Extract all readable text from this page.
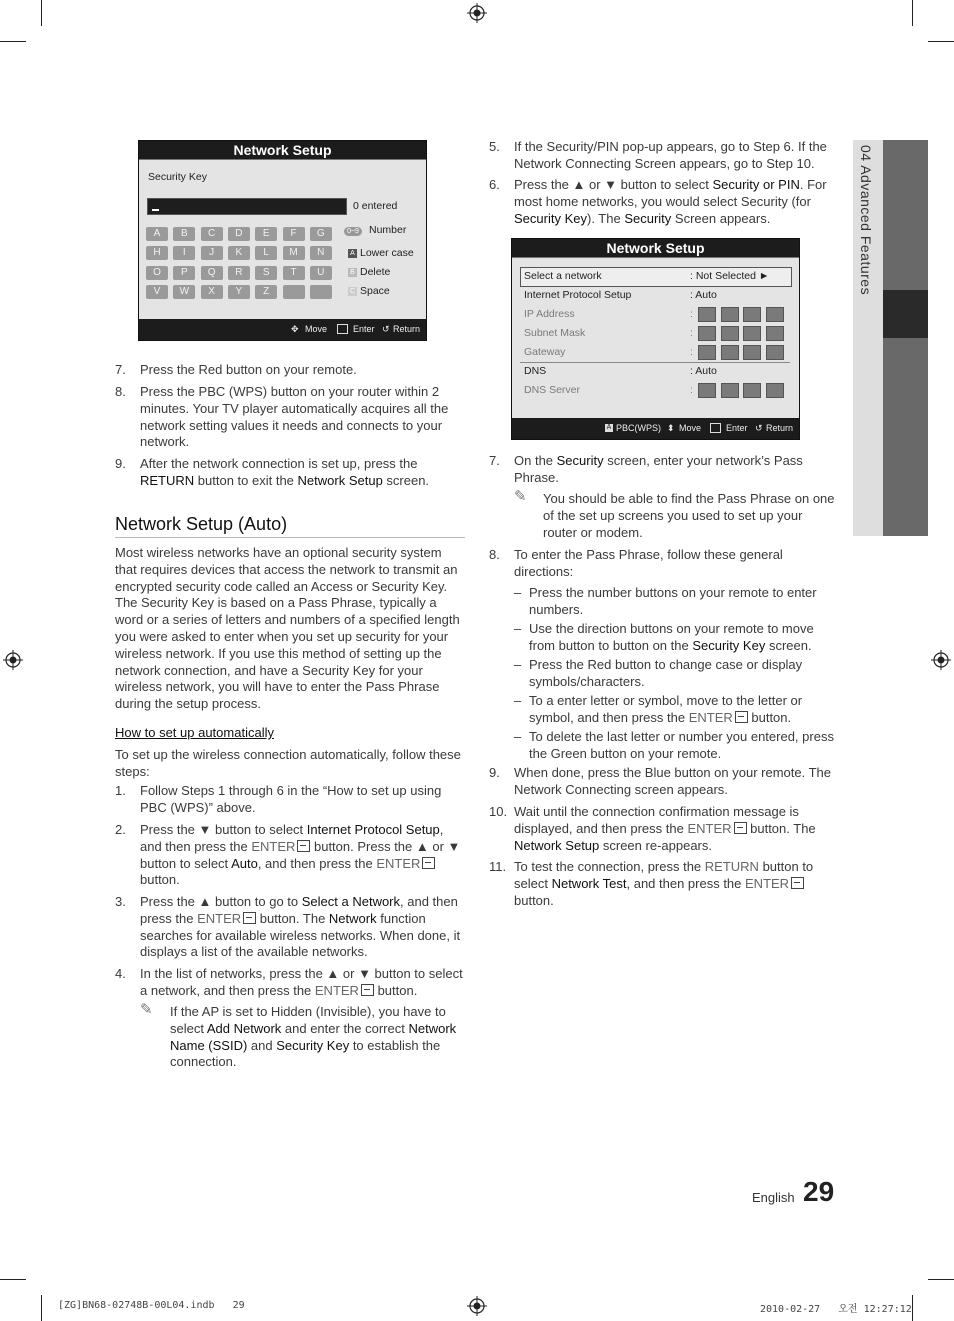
Network Setup
Security Key
0 entered
A	B	C	D	E	F	G
H	I	J	K	L	M	N
O	P	Q	R	S	T	U
V	W	X	Y	Z
0~9 Number
A Lower case
B Delete
C Space
✥ Move	Enter ↺ Return
Network Setup
Select a network	: Not Selected ►
Internet Protocol Setup	: Auto
IP Address	:
Subnet Mask	:
Gateway	:
DNS	: Auto
DNS Server	:
A PBC(WPS) ⬍ Move	Enter ↺ Return
7. Press the Red button on your remote.
8. Press the PBC (WPS) button on your router within 2 minutes. Your TV player automatically acquires all the network setting values it needs and connects to your network.
9. After the network connection is set up, press the RETURN button to exit the Network Setup screen.
Network Setup (Auto)
Most wireless networks have an optional security system that requires devices that access the network to transmit an encrypted security code called an Access or Security Key. The Security Key is based on a Pass Phrase, typically a word or a series of letters and numbers of a specified length you were asked to enter when you set up security for your wireless network. If you use this method of setting up the network connection, and have a Security Key for your wireless network, you will have to enter the Pass Phrase during the setup process.
How to set up automatically
To set up the wireless connection automatically, follow these steps:
1. Follow Steps 1 through 6 in the “How to set up using PBC (WPS)” above.
2. Press the ▼ button to select Internet Protocol Setup, and then press the ENTER button. Press the ▲ or ▼ button to select Auto, and then press the ENTER button.
3. Press the ▲ button to go to Select a Network, and then press the ENTER button. The Network function searches for available wireless networks. When done, it displays a list of the available networks.
4. In the list of networks, press the ▲ or ▼ button to select a network, and then press the ENTER button.
✎ If the AP is set to Hidden (Invisible), you have to select Add Network and enter the correct Network Name (SSID) and Security Key to establish the connection.
5. If the Security/PIN pop-up appears, go to Step 6. If the Network Connecting Screen appears, go to Step 10.
6. Press the ▲ or ▼ button to select Security or PIN. For most home networks, you would select Security (for Security Key). The Security Screen appears.
7. On the Security screen, enter your network’s Pass Phrase.
✎ You should be able to find the Pass Phrase on one of the set up screens you used to set up your router or modem.
8. To enter the Pass Phrase, follow these general directions:
– Press the number buttons on your remote to enter numbers.
– Use the direction buttons on your remote to move from button to button on the Security Key screen.
– Press the Red button to change case or display symbols/characters.
– To a enter letter or symbol, move to the letter or symbol, and then press the ENTER button.
– To delete the last letter or number you entered, press the Green button on your remote.
9. When done, press the Blue button on your remote. The Network Connecting screen appears.
10. Wait until the connection confirmation message is displayed, and then press the ENTER button. The Network Setup screen re-appears.
11. To test the connection, press the RETURN button to select Network Test, and then press the ENTER button.
04 Advanced Features
English 29
[ZG]BN68-02748B-00L04.indb   29	2010-02-27   오전 12:27:12
